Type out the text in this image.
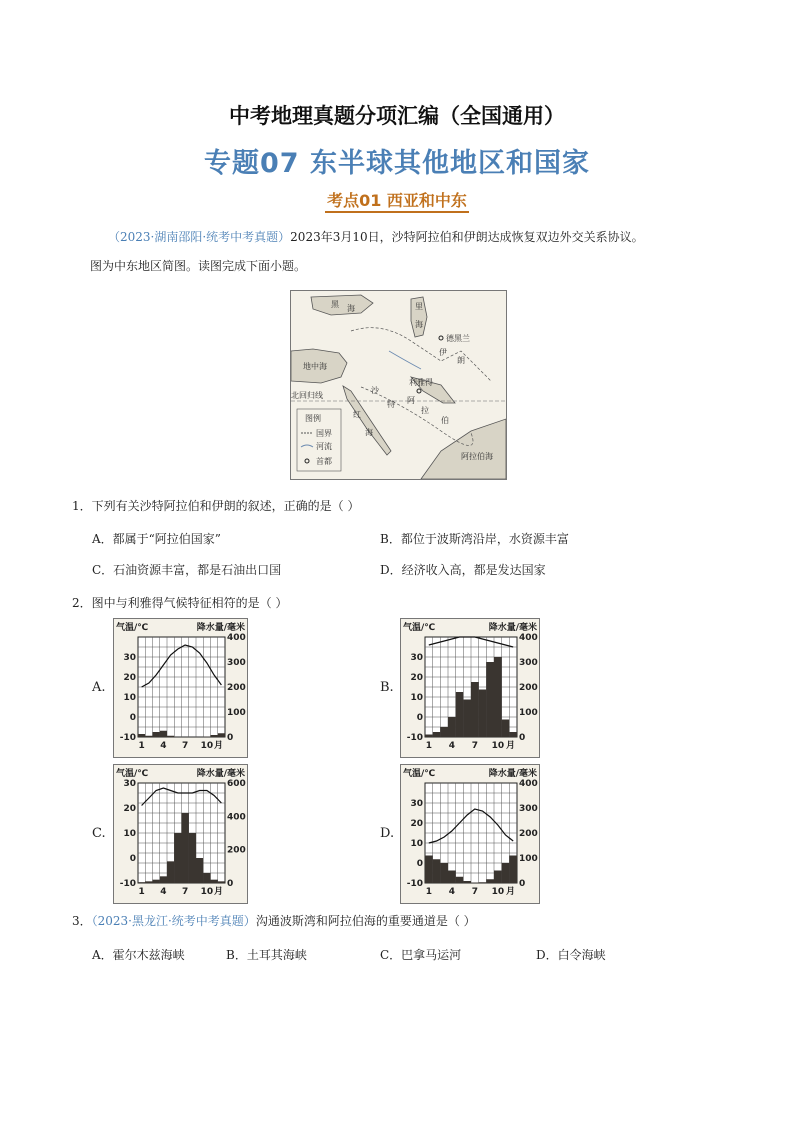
中考地理真题分项汇编（全国通用）
专题07 东半球其他地区和国家
考点01 西亚和中东
（2023·湖南邵阳·统考中考真题）2023年3月10日，沙特阿拉伯和伊朗达成恢复双边外交关系协议。
图为中东地区简图。读图完成下面小题。
黑 海	里
海
地中海
德黑兰
伊
朗
利雅得
沙
特 阿
拉
伯
北回归线
红
海
阿拉伯海
图例
国界
河流
首都
1．下列有关沙特阿拉伯和伊朗的叙述，正确的是（ ）
A．都属于“阿拉伯国家”	B．都位于波斯湾沿岸，水资源丰富
C．石油资源丰富，都是石油出口国	D．经济收入高，都是发达国家
2．图中与利雅得气候特征相符的是（ ）
A.	B.
C.	D.
气温/℃	降水量/毫米
30
20
10
0
-10
400
300
200
100
0
1 4 7 10 月
气温/℃	降水量/毫米
30
20
10
0
-10
400
300
200
100
0
1 4 7 10 月
气温/℃	降水量/毫米
30
20
10
0
-10
600
400
200
0
1 4 7 10 月
气温/℃	降水量/毫米
30
20
10
0
-10
400
300
200
100
0
1 4 7 10 月
3．（2023·黑龙江·统考中考真题）沟通波斯湾和阿拉伯海的重要通道是（ ）
A．霍尔木兹海峡	B．土耳其海峡	C．巴拿马运河	D．白令海峡
